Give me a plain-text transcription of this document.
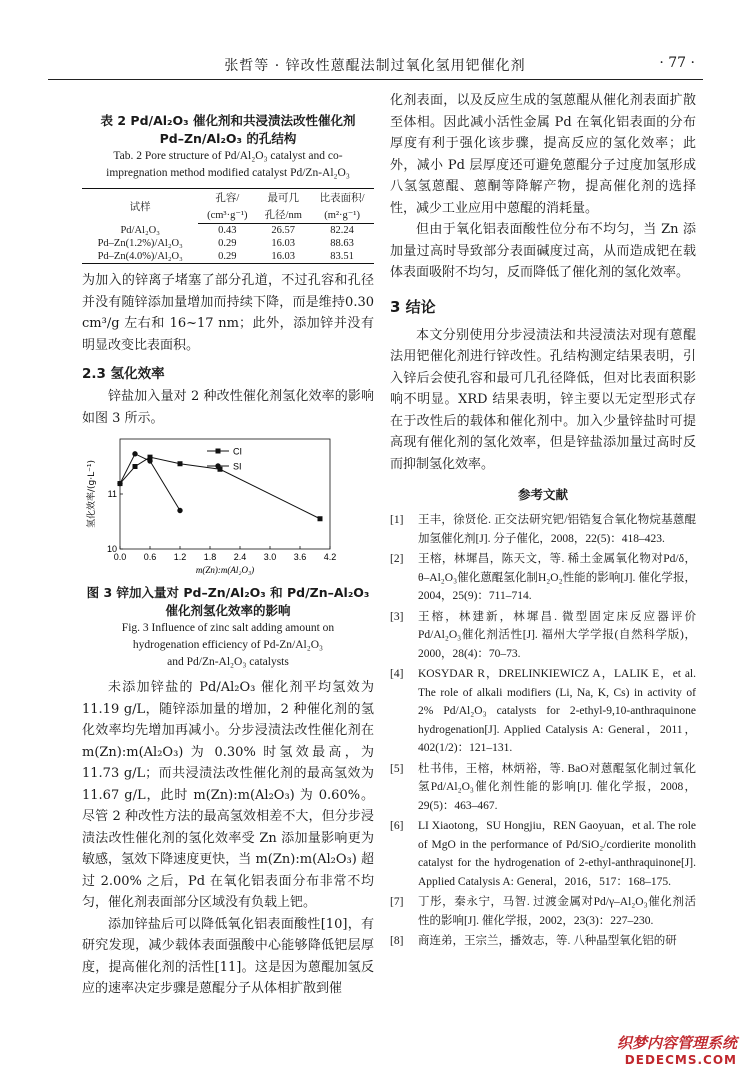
张哲等 · 锌改性蒽醌法制过氧化氢用钯催化剂	· 77 ·
表 2 Pd/Al₂O₃ 催化剂和共浸渍法改性催化剂
Pd–Zn/Al₂O₃ 的孔结构
Tab. 2 Pore structure of Pd/Al₂O₃ catalyst and co-
impregnation method modified catalyst Pd/Zn-Al₂O₃
试样	孔容/	最可几	比表面积/
	(cm³·g⁻¹)	孔径/nm	(m²·g⁻¹)
Pd/Al₂O₃	0.43	26.57	82.24
Pd–Zn(1.2%)/Al₂O₃	0.29	16.03	88.63
Pd–Zn(4.0%)/Al₂O₃	0.29	16.03	83.51

为加入的锌离子堵塞了部分孔道，不过孔容和孔径并没有随锌添加量增加而持续下降，而是维持0.30 cm³/g 左右和 16~17 nm；此外，添加锌并没有明显改变比表面积。

2.3 氢化效率

锌盐加入量对 2 种改性催化剂氢化效率的影响如图 3 所示。

0.0 0.6 1.2 1.8 2.4 3.0 3.6 4.2
10
11
m(Zn):m(Al₂O₃)
氢化效率/(g·L⁻¹)
CI
SI
图 3 锌加入量对 Pd–Zn/Al₂O₃ 和 Pd/Zn–Al₂O₃
催化剂氢化效率的影响
Fig. 3 Influence of zinc salt adding amount on
hydrogenation efficiency of Pd-Zn/Al₂O₃
and Pd/Zn-Al₂O₃ catalysts

未添加锌盐的 Pd/Al₂O₃ 催化剂平均氢效为 11.19 g/L，随锌添加量的增加，2 种催化剂的氢化效率均先增加再减小。分步浸渍法改性催化剂在 m(Zn):m(Al₂O₃) 为 0.30% 时氢效最高，为 11.73 g/L；而共浸渍法改性催化剂的最高氢效为 11.67 g/L，此时 m(Zn):m(Al₂O₃) 为 0.60%。尽管 2 种改性方法的最高氢效相差不大，但分步浸渍法改性催化剂的氢化效率受 Zn 添加量影响更为敏感，氢效下降速度更快，当 m(Zn):m(Al₂O₃) 超过 2.00% 之后，Pd 在氧化铝表面分布非常不均匀，催化剂表面部分区域没有负载上钯。

添加锌盐后可以降低氧化铝表面酸性[10]，有研究发现，减少载体表面强酸中心能够降低钯层厚度，提高催化剂的活性[11]。这是因为蒽醌加氢反应的速率决定步骤是蒽醌分子从体相扩散到催

化剂表面，以及反应生成的氢蒽醌从催化剂表面扩散至体相。因此减小活性金属 Pd 在氧化铝表面的分布厚度有利于强化该步骤，提高反应的氢化效率；此外，减小 Pd 层厚度还可避免蒽醌分子过度加氢形成八氢氢蒽醌、蒽酮等降解产物，提高催化剂的选择性，减少工业应用中蒽醌的消耗量。

但由于氧化铝表面酸性位分布不均匀，当 Zn 添加量过高时导致部分表面碱度过高，从而造成钯在载体表面吸附不均匀，反而降低了催化剂的氢化效率。

3 结论

本文分别使用分步浸渍法和共浸渍法对现有蒽醌法用钯催化剂进行锌改性。孔结构测定结果表明，引入锌后会使孔容和最可几孔径降低，但对比表面积影响不明显。XRD 结果表明，锌主要以无定型形式存在于改性后的载体和催化剂中。加入少量锌盐时可提高现有催化剂的氢化效率，但是锌盐添加量过高时反而抑制氢化效率。

参考文献
[1]	王丰，徐贤伦. 正交法研究钯/铝锆复合氧化物烷基蒽醌加氢催化剂[J]. 分子催化，2008，22(5)：418–423.
[2]	王榕，林墀昌，陈天文，等. 稀土金属氧化物对Pd/δ，θ–Al₂O₃催化蒽醌氢化制H₂O₂性能的影响[J]. 催化学报，2004，25(9)：711–714.
[3]	王榕，林建新，林墀昌. 微型固定床反应器评价Pd/Al₂O₃催化剂活性[J]. 福州大学学报(自然科学版)，2000，28(4)：70–73.
[4]	KOSYDAR R，DRELINKIEWICZ A，LALIK E，et al. The role of alkali modifiers (Li, Na, K, Cs) in activity of 2% Pd/Al₂O₃ catalysts for 2-ethyl-9,10-anthraquinone hydrogenation[J]. Applied Catalysis A: General，2011，402(1/2)：121–131.
[5]	杜书伟，王榕，林炳裕，等. BaO对蒽醌氢化制过氧化氢Pd/Al₂O₃催化剂性能的影响[J]. 催化学报，2008，29(5)：463–467.
[6]	LI Xiaotong，SU Hongjiu，REN Gaoyuan，et al. The role of MgO in the performance of Pd/SiO₂/cordierite monolith catalyst for the hydrogenation of 2-ethyl-anthraquinone[J]. Applied Catalysis A: General，2016，517：168–175.
[7]	丁彤，秦永宁，马智. 过渡金属对Pd/γ–Al₂O₃催化剂活性的影响[J]. 催化学报，2002，23(3)：227–230.
[8]	商连弟，王宗兰，播效志，等. 八种晶型氧化铝的研
织梦内容管理系统
DEDECMS.COM
